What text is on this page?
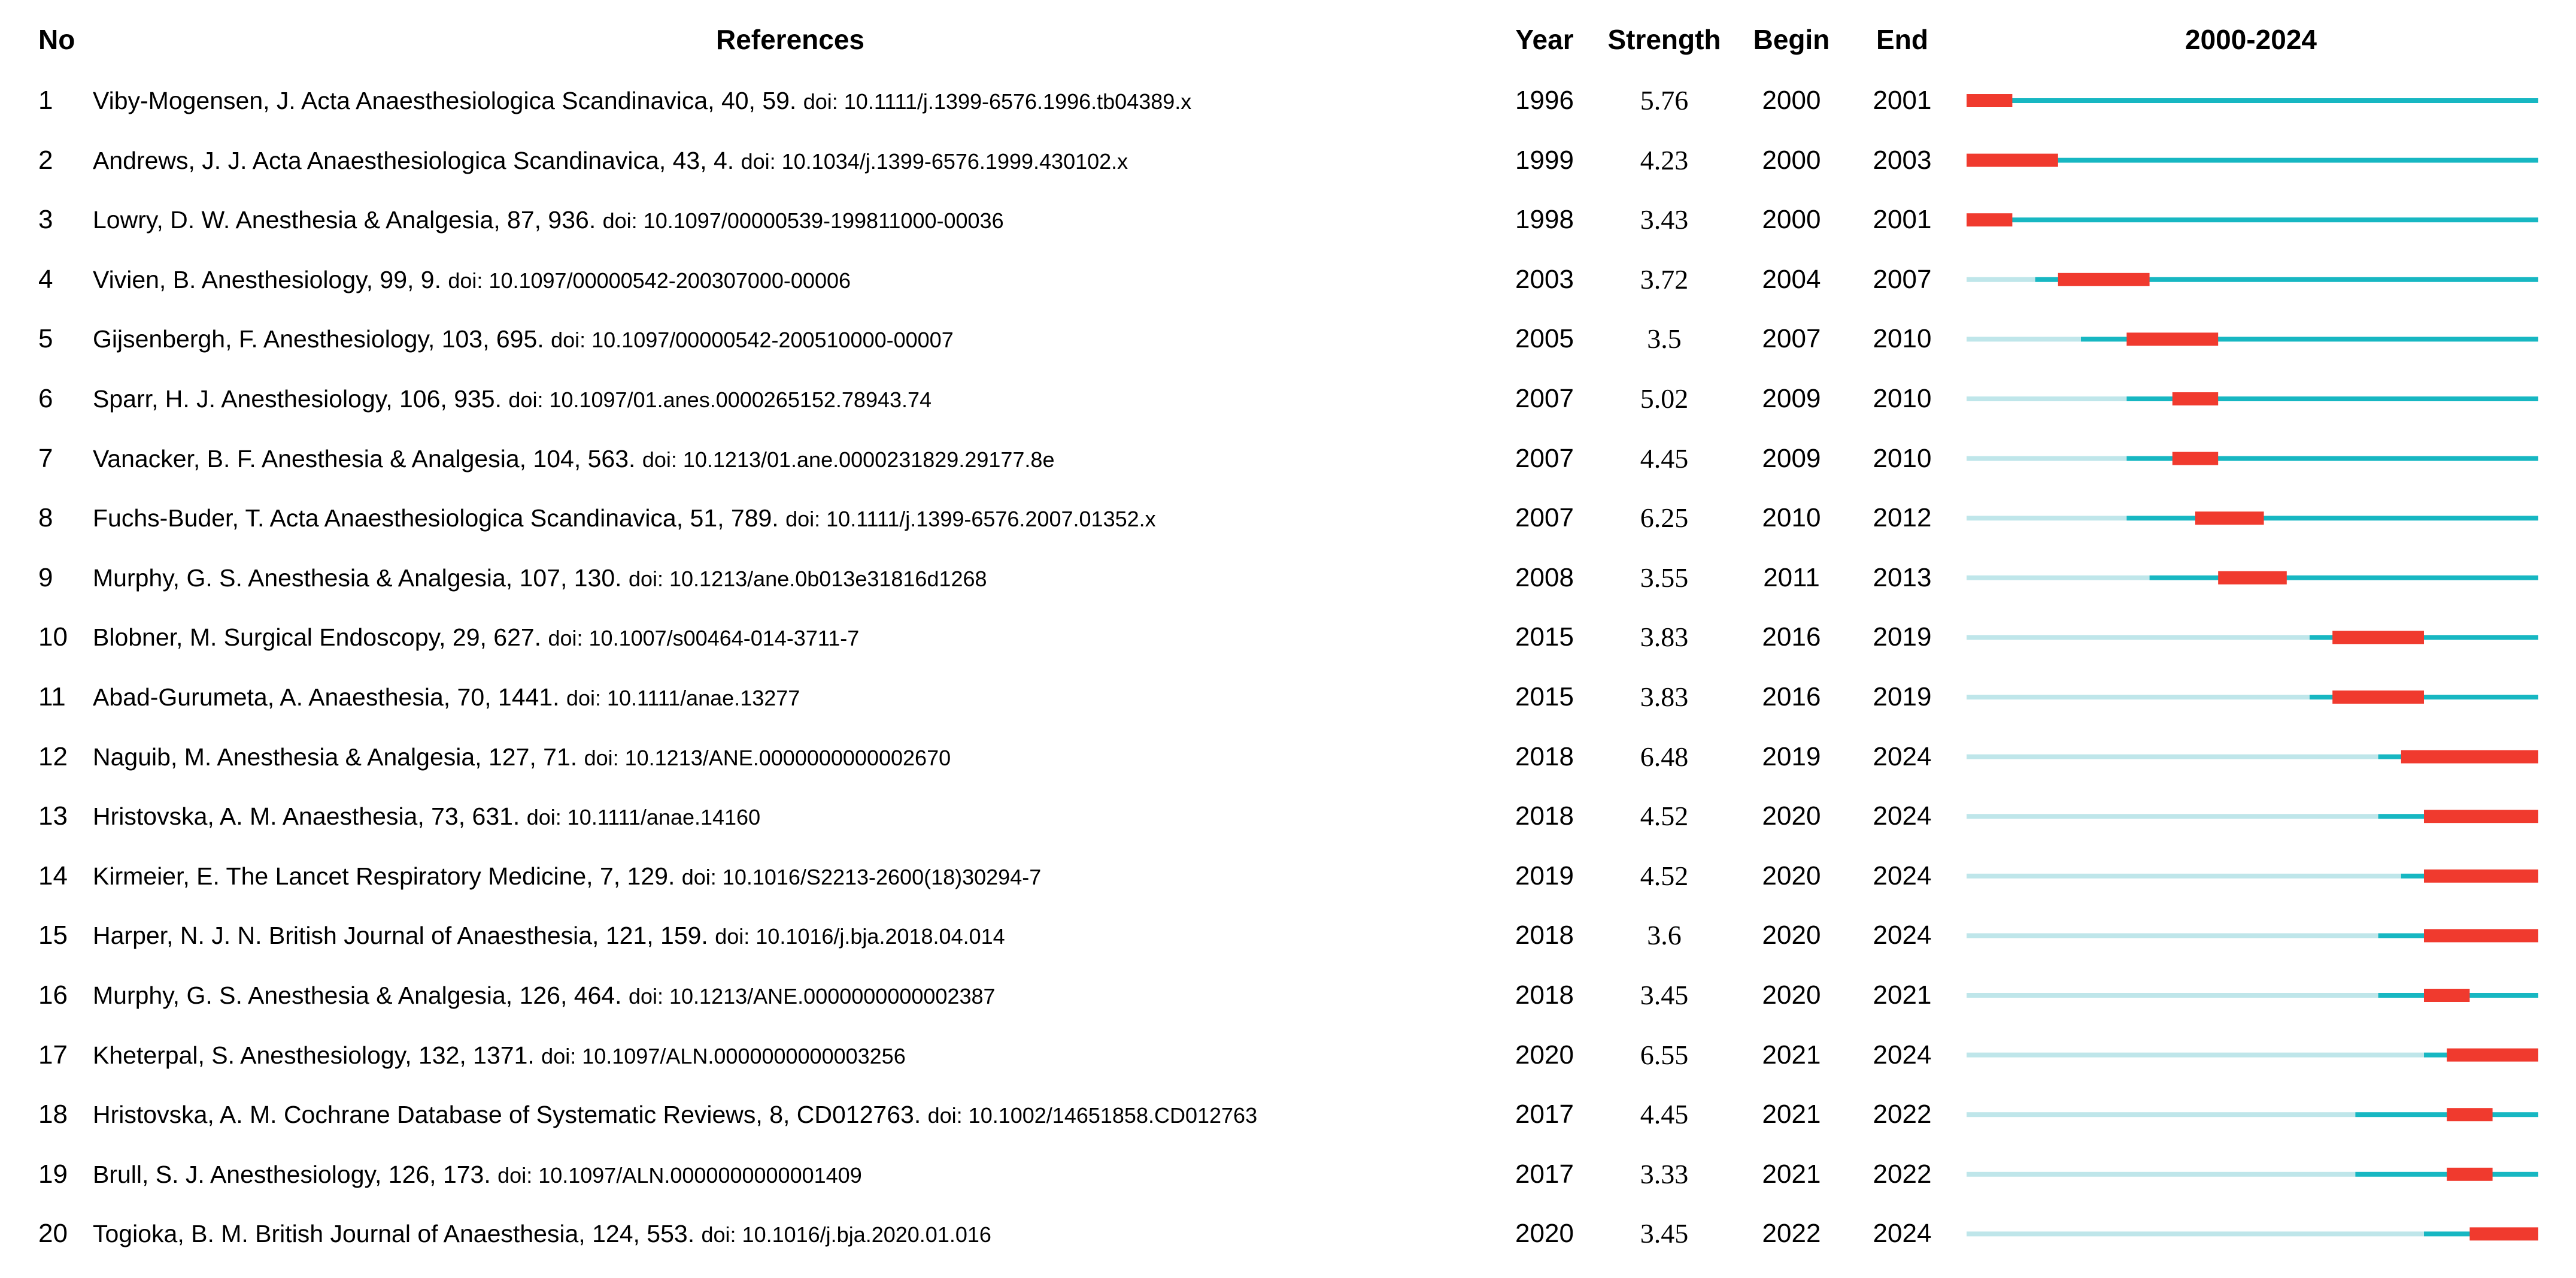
No	References	Year	Strength	Begin	End	2000-2024
1	Viby-Mogensen, J. Acta Anaesthesiologica Scandinavica, 40, 59. doi: 10.1111/j.1399-6576.1996.tb04389.x	1996	5.76	2000	2001
2	Andrews, J. J. Acta Anaesthesiologica Scandinavica, 43, 4. doi: 10.1034/j.1399-6576.1999.430102.x	1999	4.23	2000	2003
3	Lowry, D. W. Anesthesia & Analgesia, 87, 936. doi: 10.1097/00000539-199811000-00036	1998	3.43	2000	2001
4	Vivien, B. Anesthesiology, 99, 9. doi: 10.1097/00000542-200307000-00006	2003	3.72	2004	2007
5	Gijsenbergh, F. Anesthesiology, 103, 695. doi: 10.1097/00000542-200510000-00007	2005	3.5	2007	2010
6	Sparr, H. J. Anesthesiology, 106, 935. doi: 10.1097/01.anes.0000265152.78943.74	2007	5.02	2009	2010
7	Vanacker, B. F. Anesthesia & Analgesia, 104, 563. doi: 10.1213/01.ane.0000231829.29177.8e	2007	4.45	2009	2010
8	Fuchs-Buder, T. Acta Anaesthesiologica Scandinavica, 51, 789. doi: 10.1111/j.1399-6576.2007.01352.x	2007	6.25	2010	2012
9	Murphy, G. S. Anesthesia & Analgesia, 107, 130. doi: 10.1213/ane.0b013e31816d1268	2008	3.55	2011	2013
10	Blobner, M. Surgical Endoscopy, 29, 627. doi: 10.1007/s00464-014-3711-7	2015	3.83	2016	2019
11	Abad-Gurumeta, A. Anaesthesia, 70, 1441. doi: 10.1111/anae.13277	2015	3.83	2016	2019
12	Naguib, M. Anesthesia & Analgesia, 127, 71. doi: 10.1213/ANE.0000000000002670	2018	6.48	2019	2024
13	Hristovska, A. M. Anaesthesia, 73, 631. doi: 10.1111/anae.14160	2018	4.52	2020	2024
14	Kirmeier, E. The Lancet Respiratory Medicine, 7, 129. doi: 10.1016/S2213-2600(18)30294-7	2019	4.52	2020	2024
15	Harper, N. J. N. British Journal of Anaesthesia, 121, 159. doi: 10.1016/j.bja.2018.04.014	2018	3.6	2020	2024
16	Murphy, G. S. Anesthesia & Analgesia, 126, 464. doi: 10.1213/ANE.0000000000002387	2018	3.45	2020	2021
17	Kheterpal, S. Anesthesiology, 132, 1371. doi: 10.1097/ALN.0000000000003256	2020	6.55	2021	2024
18	Hristovska, A. M. Cochrane Database of Systematic Reviews, 8, CD012763. doi: 10.1002/14651858.CD012763	2017	4.45	2021	2022
19	Brull, S. J. Anesthesiology, 126, 173. doi: 10.1097/ALN.0000000000001409	2017	3.33	2021	2022
20	Togioka, B. M. British Journal of Anaesthesia, 124, 553. doi: 10.1016/j.bja.2020.01.016	2020	3.45	2022	2024
